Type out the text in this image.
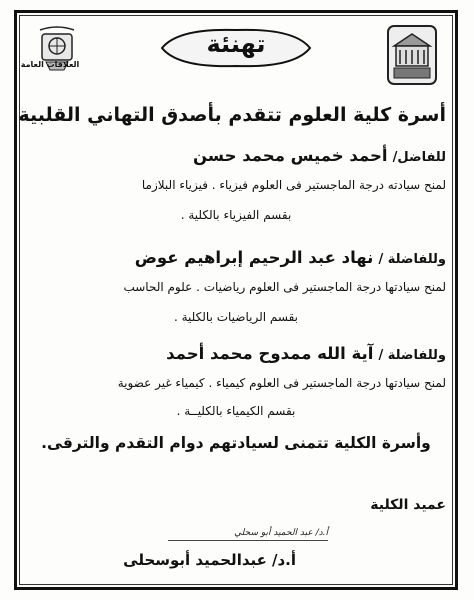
العلاقات العامة
تهنئة
أسرة كلية العلوم تتقدم بأصدق التهاني القلبية
للفاضل/ أحمد خميس محمد حسن
لمنح سيادته درجة الماجستير فى العلوم فيزياء . فيزياء البلازما
بقسم الفيزياء بالكلية .
وللفاضلة / نهاد عبد الرحيم إبراهيم عوض
لمنح سيادتها درجة الماجستير فى العلوم رياضيات . علوم الحاسب
بقسم الرياضيات بالكلية .
وللفاضلة / آية الله ممدوح محمد أحمد
لمنح سيادتها درجة الماجستير فى العلوم كيمياء . كيمياء غير عضوية
بقسم الكيمياء بالكليــة .
وأسرة الكلية تتمنى لسيادتهم دوام التقدم والترقى.
عميد الكلية
أ.د/ عبد الحميد أبو سحلي
أ.د/ عبدالحميد أبوسحلى
